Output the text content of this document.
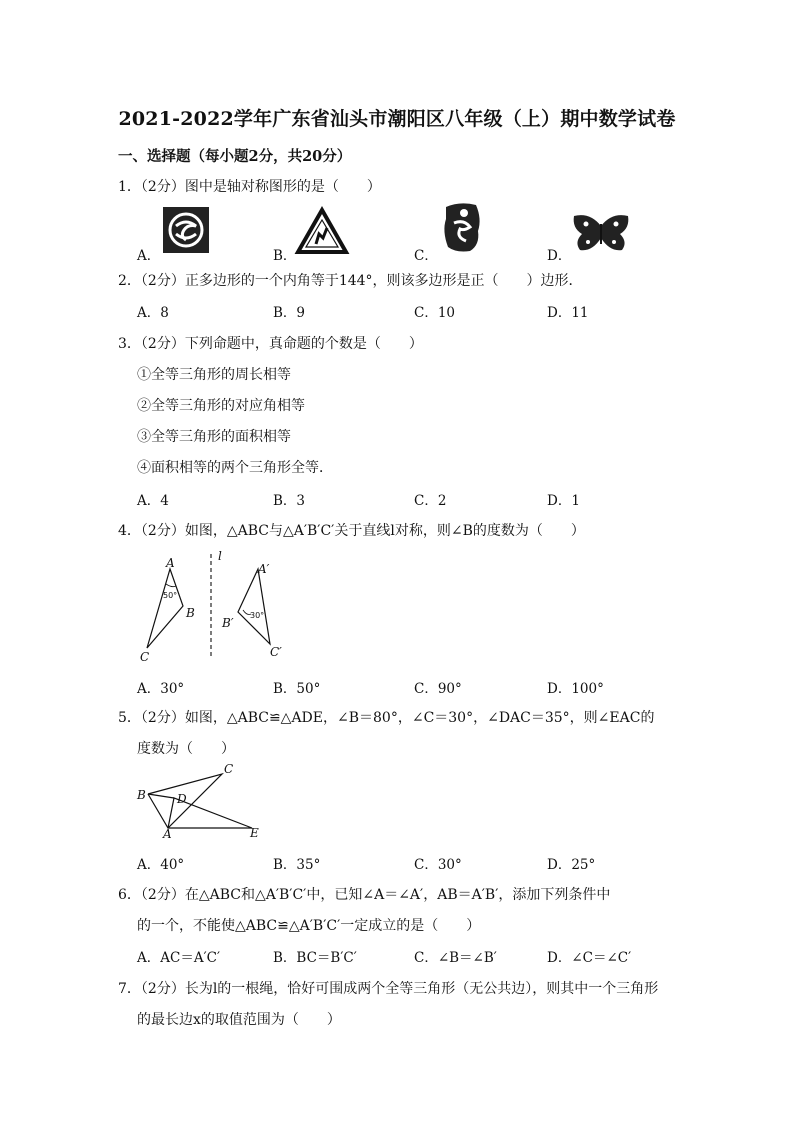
2021-2022学年广东省汕头市潮阳区八年级（上）期中数学试卷
一、选择题（每小题2分，共20分）
1．（2分）图中是轴对称图形的是（　　）
A．	B．	C．	D．
2．（2分）正多边形的一个内角等于144°，则该多边形是正（　　）边形．
A．8	B．9	C．10	D．11
3．（2分）下列命题中，真命题的个数是（　　）
①全等三角形的周长相等
②全等三角形的对应角相等
③全等三角形的面积相等
④面积相等的两个三角形全等．
A．4	B．3	C．2	D．1
4．（2分）如图，△ABC与△A′B′C′关于直线l对称，则∠B的度数为（　　）
A
B
C
50°
l
A′
B′
C′
30°
A．30°	B．50°	C．90°	D．100°
5．（2分）如图，△ABC≌△ADE，∠B＝80°，∠C＝30°，∠DAC＝35°，则∠EAC的
度数为（　　）
C
B	D
A	E
A．40°	B．35°	C．30°	D．25°
6．（2分）在△ABC和△A′B′C′中，已知∠A＝∠A′，AB＝A′B′，添加下列条件中
的一个，不能使△ABC≌△A′B′C′一定成立的是（　　）
A．AC＝A′C′	B．BC＝B′C′	C．∠B＝∠B′	D．∠C＝∠C′
7．（2分）长为l的一根绳，恰好可围成两个全等三角形（无公共边），则其中一个三角形
的最长边x的取值范围为（　　）
